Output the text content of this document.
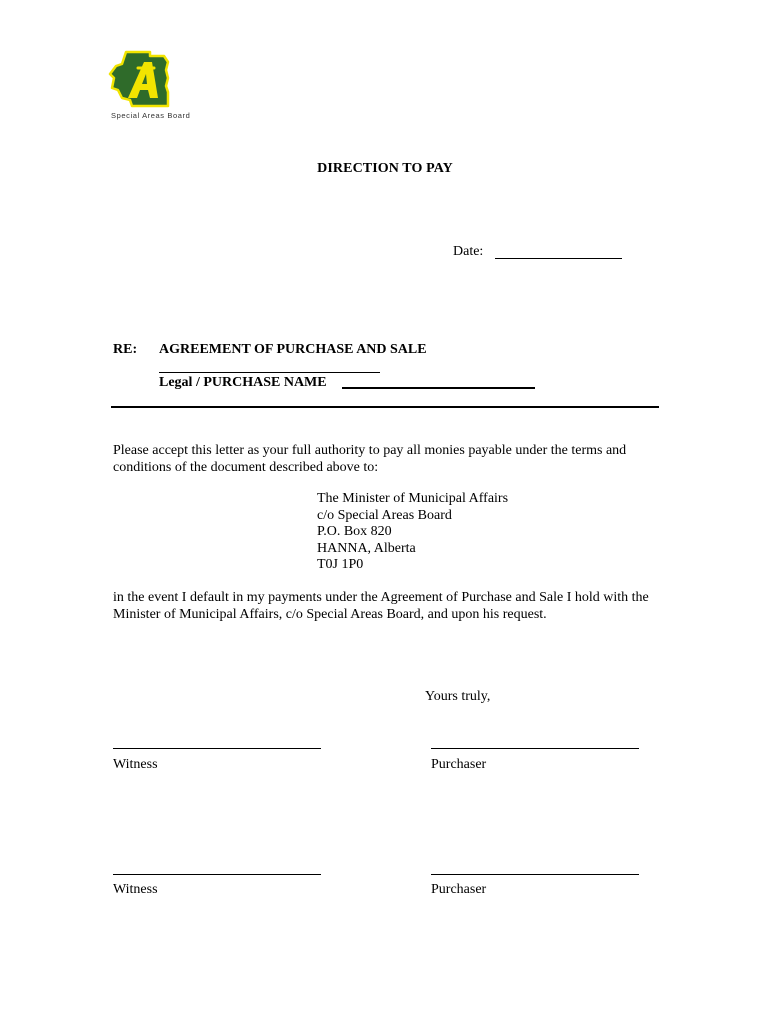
Special Areas Board
DIRECTION TO PAY
Date:
RE: AGREEMENT OF PURCHASE AND SALE
Legal / PURCHASE NAME
Please accept this letter as your full authority to pay all monies payable under the terms and conditions of the document described above to:
The Minister of Municipal Affairs
c/o Special Areas Board
P.O. Box 820
HANNA, Alberta
T0J 1P0
in the event I default in my payments under the Agreement of Purchase and Sale I hold with the Minister of Municipal Affairs, c/o Special Areas Board, and upon his request.
Yours truly,
Witness	Purchaser
Witness	Purchaser
